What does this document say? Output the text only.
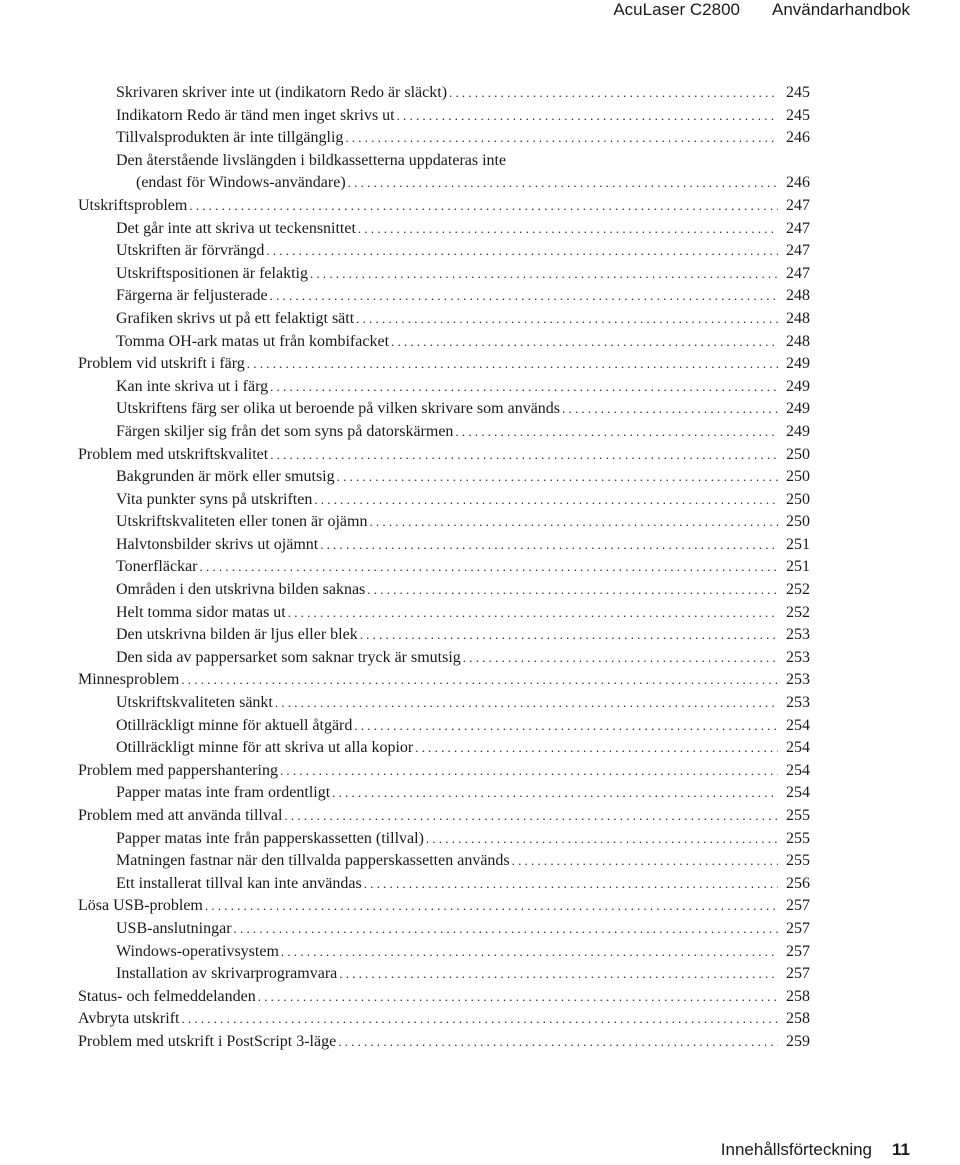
AcuLaser C2800 Användarhandbok
Skrivaren skriver inte ut (indikatorn Redo är släckt) .....	245
Indikatorn Redo är tänd men inget skrivs ut .....	245
Tillvalsprodukten är inte tillgänglig .....	246
Den återstående livslängden i bildkassetterna uppdateras inte
(endast för Windows-användare) .....	246
Utskriftsproblem .....	247
Det går inte att skriva ut teckensnittet .....	247
Utskriften är förvrängd .....	247
Utskriftspositionen är felaktig .....	247
Färgerna är feljusterade .....	248
Grafiken skrivs ut på ett felaktigt sätt .....	248
Tomma OH-ark matas ut från kombifacket .....	248
Problem vid utskrift i färg .....	249
Kan inte skriva ut i färg .....	249
Utskriftens färg ser olika ut beroende på vilken skrivare som används .....	249
Färgen skiljer sig från det som syns på datorskärmen .....	249
Problem med utskriftskvalitet .....	250
Bakgrunden är mörk eller smutsig .....	250
Vita punkter syns på utskriften .....	250
Utskriftskvaliteten eller tonen är ojämn .....	250
Halvtonsbilder skrivs ut ojämnt .....	251
Tonerfläckar .....	251
Områden i den utskrivna bilden saknas .....	252
Helt tomma sidor matas ut .....	252
Den utskrivna bilden är ljus eller blek .....	253
Den sida av pappersarket som saknar tryck är smutsig .....	253
Minnesproblem .....	253
Utskriftskvaliteten sänkt .....	253
Otillräckligt minne för aktuell åtgärd .....	254
Otillräckligt minne för att skriva ut alla kopior .....	254
Problem med pappershantering .....	254
Papper matas inte fram ordentligt .....	254
Problem med att använda tillval .....	255
Papper matas inte från papperskassetten (tillval) .....	255
Matningen fastnar när den tillvalda papperskassetten används .....	255
Ett installerat tillval kan inte användas .....	256
Lösa USB-problem .....	257
USB-anslutningar .....	257
Windows-operativsystem .....	257
Installation av skrivarprogramvara .....	257
Status- och felmeddelanden .....	258
Avbryta utskrift .....	258
Problem med utskrift i PostScript 3-läge .....	259
Innehållsförteckning 11
